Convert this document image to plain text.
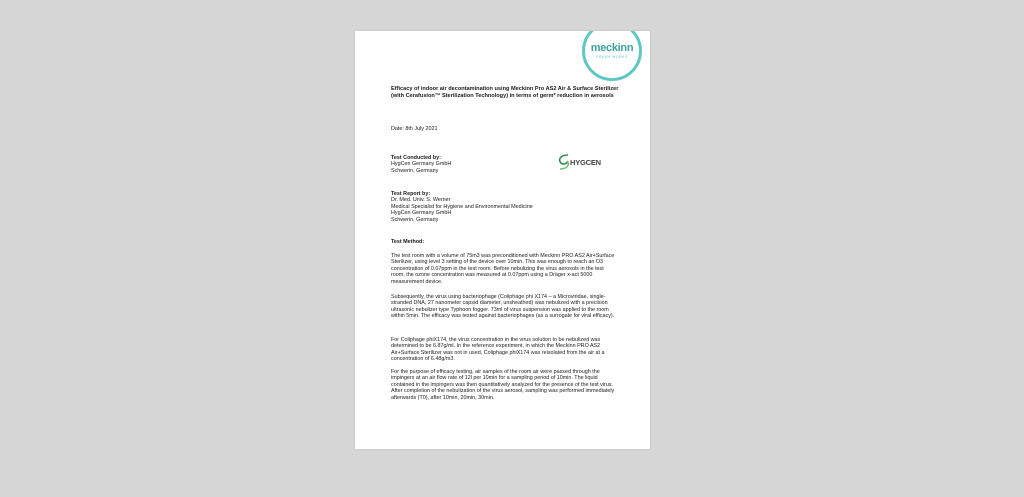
meckinn
FRESH WORKS
Efficacy of indoor air decontamination using Meckinn Pro AS2 Air & Surface Sterilizer (with Cerafusion™ Sterilization Technology) in terms of germ* reduction in aerosols
Date: 8th July 2021
Test Conducted by:
HygCen Germany GmbH
Schwerin, Germany
HYGCEN
Test Report by:
Dr. Med. Univ. S. Werner
Medical Specialist for Hygiene and Environmental Medicine
HygCen Germany GmbH
Schwerin, Germany
Test Method:
The test room with a volume of 75m3 was preconditioned with Meckinn PRO AS2 Air+Surface Sterilizer, using level 3 setting of the device over 10min. This was enough to reach an O3 concentration of 0.07ppm in the test room. Before nebulizing the virus aerosols in the test room, the ozone concentration was measured at 0.07ppm using a Dräger x-act 5000 measurement device.
Subsequently, the virus using bacteriophage (Coliphage phi X174 – a Microviridae, single-stranded DNA, 27 nanometer capsid diameter, unsheathed) was nebulized with a precision ultrasonic nebulizer type Typhoon fogger. 73ml of virus suspension was applied to the room within 5min. The efficacy was tested against bacteriophages (as a surrogate for viral efficacy).
For Coliphage phiX174, the virus concentration in the virus solution to be nebulized was determined to be 6.87g/ml. In the reference experiment, in which the Meckinn PRO AS2 Air+Surface Sterilizer was not in used, Coliphage phiX174 was reisolated from the air at a concentration of 6.48g/m3.
For the purpose of efficacy testing, air samples of the room air were passed through the impingers at an air flow rate of 12l per 10min for a sampling period of 10min. The liquid contained in the impingers was then quantitatively analyzed for the presence of the test virus. After completion of the nebulization of the virus aerosol, sampling was performed immediately afterwards (T0), after 10min, 20min, 30min.
